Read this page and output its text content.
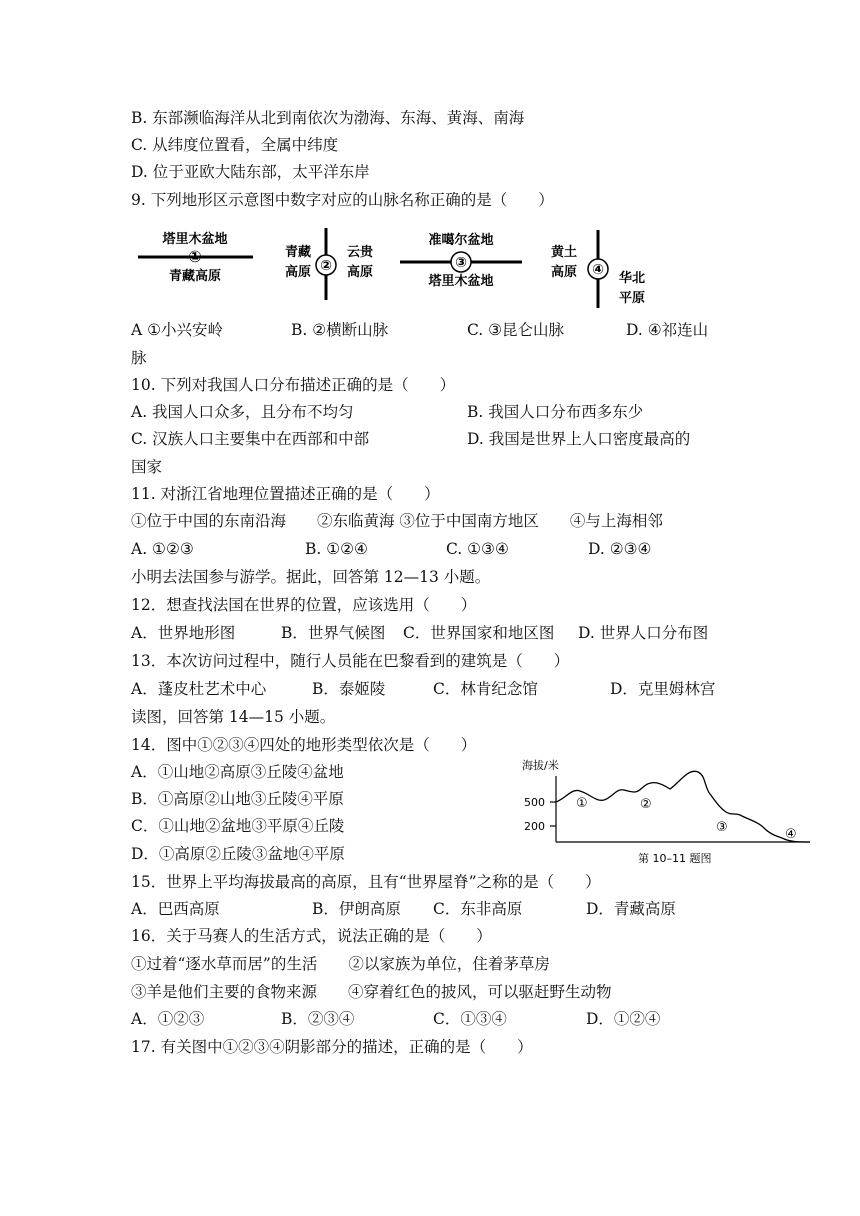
B. 东部濒临海洋从北到南依次为渤海、东海、黄海、南海
C. 从纬度位置看，全属中纬度
D. 位于亚欧大陆东部，太平洋东岸
9. 下列地形区示意图中数字对应的山脉名称正确的是（　　）
塔里木盆地
①
青藏高原
青藏
高原 ②
云贵
高原
准噶尔盆地
③
塔里木盆地
黄土
高原 ④
华北
平原
A ①小兴安岭	B. ②横断山脉	C. ③昆仑山脉	D. ④祁连山
脉
10. 下列对我国人口分布描述正确的是（　　）
A. 我国人口众多，且分布不均匀	B. 我国人口分布西多东少
C. 汉族人口主要集中在西部和中部	D. 我国是世界上人口密度最高的
国家
11. 对浙江省地理位置描述正确的是（　　）
①位于中国的东南沿海　　②东临黄海 ③位于中国南方地区　　④与上海相邻
A. ①②③	B. ①②④	C. ①③④	D. ②③④
小明去法国参与游学。据此，回答第 12—13 小题。
12．想查找法国在世界的位置，应该选用（　　）
A．世界地形图	B．世界气候图 C．世界国家和地区图 D. 世界人口分布图
13．本次访问过程中，随行人员能在巴黎看到的建筑是（　　）
A．蓬皮杜艺术中心	B．泰姬陵	C．林肯纪念馆	D．克里姆林宫
读图，回答第 14—15 小题。
14．图中①②③④四处的地形类型依次是（　　）
A．①山地②高原③丘陵④盆地
B．①高原②山地③丘陵④平原
C．①山地②盆地③平原④丘陵
D．①高原②丘陵③盆地④平原
海拔/米
500
200
①	②
③	④
第 10–11 题图
15．世界上平均海拔最高的高原，且有“世界屋脊”之称的是（　　）
A．巴西高原	B．伊朗高原 C．东非高原	D．青藏高原
16．关于马赛人的生活方式，说法正确的是（　　）
①过着“逐水草而居”的生活　　②以家族为单位，住着茅草房
③羊是他们主要的食物来源　　④穿着红色的披风，可以驱赶野生动物
A．①②③	B．②③④	C．①③④	D．①②④
17. 有关图中①②③④阴影部分的描述，正确的是（　　）
